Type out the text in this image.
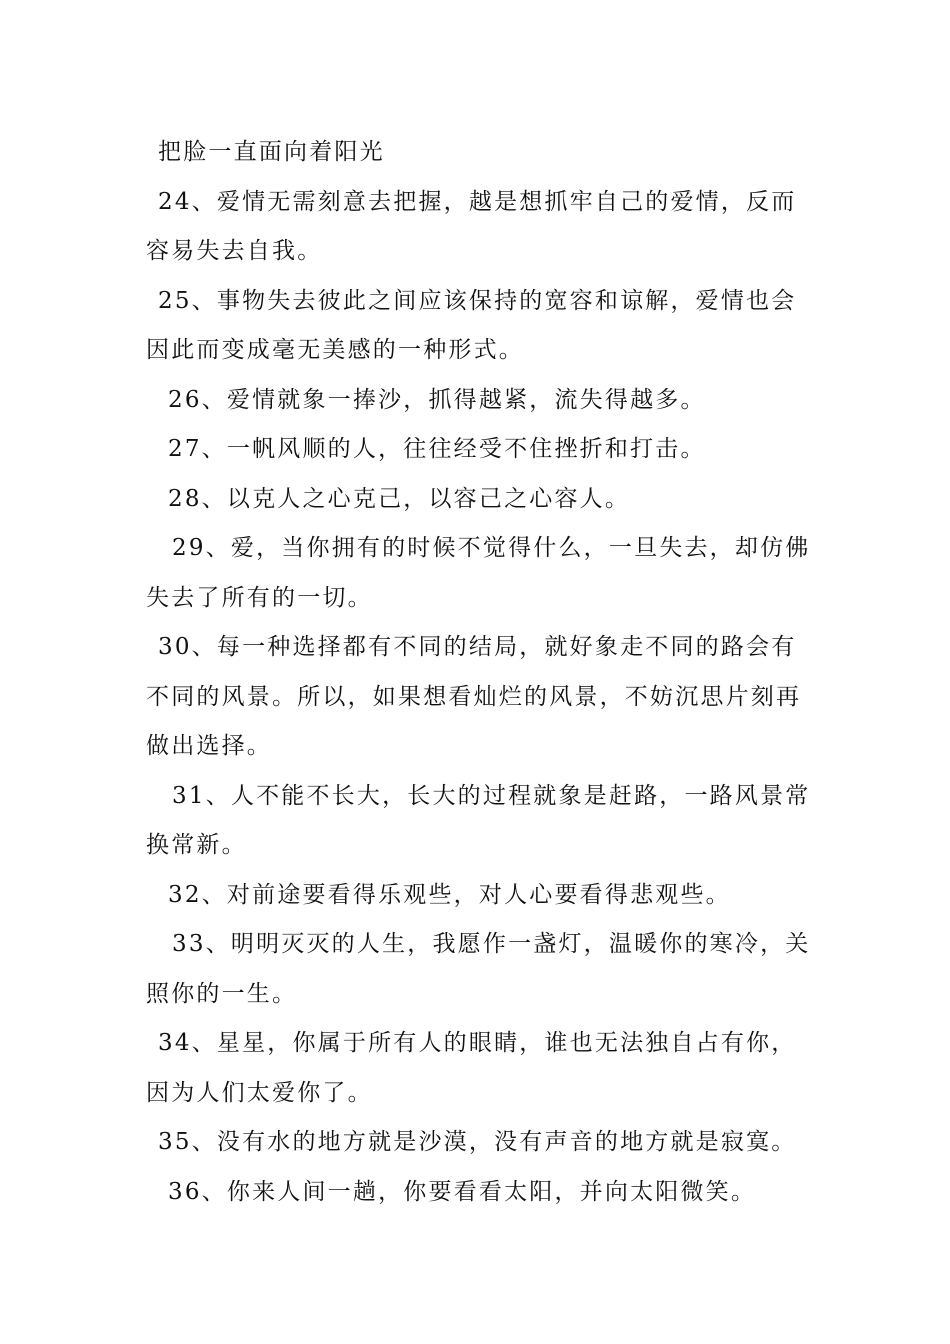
把脸一直面向着阳光

24、爱情无需刻意去把握，越是想抓牢自己的爱情，反而容易失去自我。

25、事物失去彼此之间应该保持的宽容和谅解，爱情也会因此而变成毫无美感的一种形式。

26、爱情就象一捧沙，抓得越紧，流失得越多。

27、一帆风顺的人，往往经受不住挫折和打击。

28、以克人之心克己，以容己之心容人。

29、爱，当你拥有的时候不觉得什么，一旦失去，却仿佛失去了所有的一切。

30、每一种选择都有不同的结局，就好象走不同的路会有不同的风景。所以，如果想看灿烂的风景，不妨沉思片刻再做出选择。

31、人不能不长大，长大的过程就象是赶路，一路风景常换常新。

32、对前途要看得乐观些，对人心要看得悲观些。

33、明明灭灭的人生，我愿作一盏灯，温暖你的寒冷，关照你的一生。

34、星星，你属于所有人的眼睛，谁也无法独自占有你，因为人们太爱你了。

35、没有水的地方就是沙漠，没有声音的地方就是寂寞。

36、你来人间一趟，你要看看太阳，并向太阳微笑。
